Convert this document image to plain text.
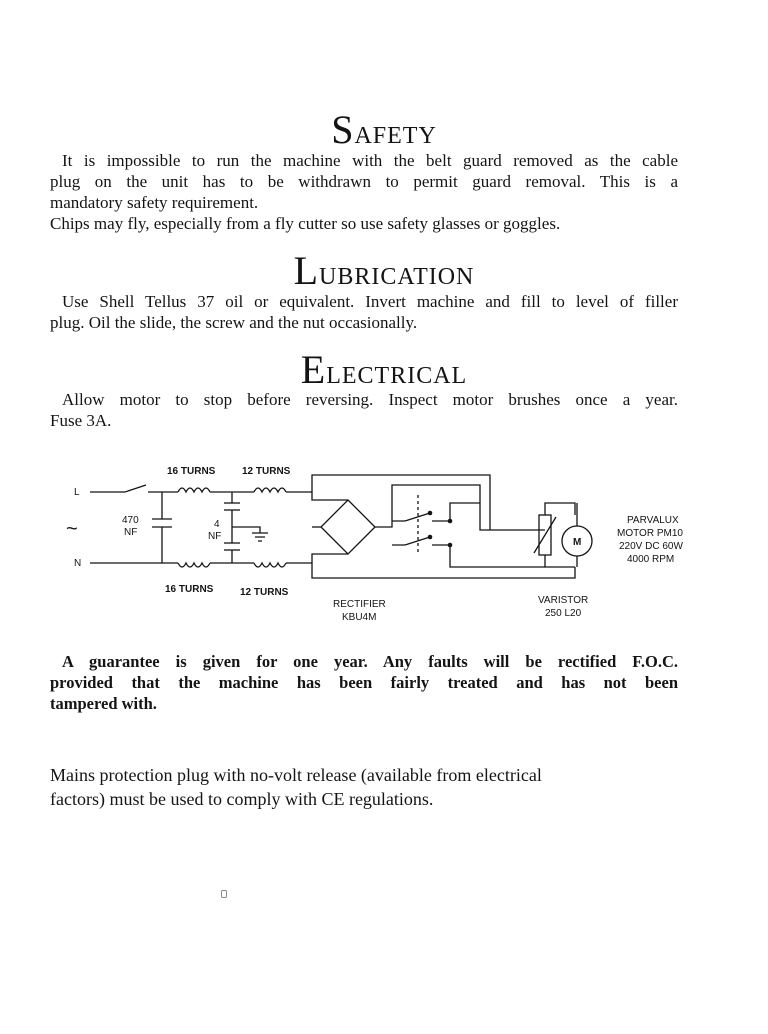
SAFETY
It is impossible to run the machine with the belt guard removed as the cable
plug on the unit has to be withdrawn to permit guard removal. This is a
mandatory safety requirement.
Chips may fly, especially from a fly cutter so use safety glasses or goggles.
LUBRICATION
Use Shell Tellus 37 oil or equivalent. Invert machine and fill to level of filler
plug. Oil the slide, the screw and the nut occasionally.
ELECTRICAL
Allow motor to stop before reversing. Inspect motor brushes once a year.
Fuse 3A.
L
N
~
16 TURNS	12 TURNS
16 TURNS	12 TURNS
470
NF
4
NF
M
RECTIFIER
KBU4M
VARISTOR
250 L20
PARVALUX
MOTOR PM10
220V DC 60W
4000 RPM
A guarantee is given for one year. Any faults will be rectified F.O.C.
provided that the machine has been fairly treated and has not been
tampered with.
Mains protection plug with no-volt release (available from electrical
factors) must be used to comply with CE regulations.
